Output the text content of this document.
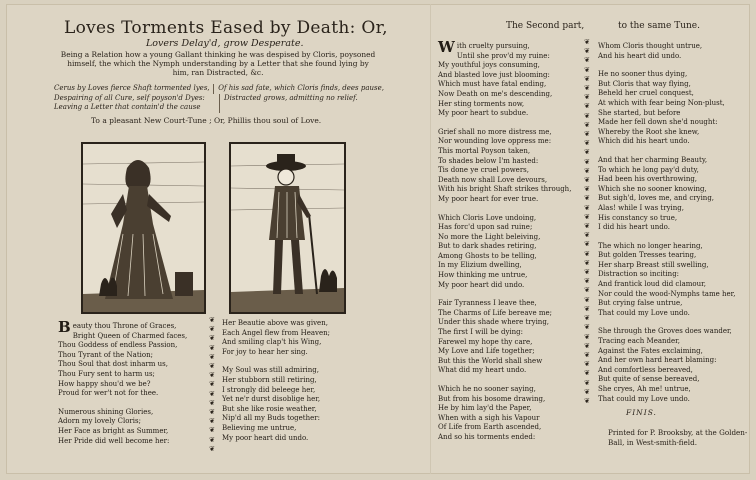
Loves Torments Eased by Death: Or,
Lovers Delay'd, grow Desperate.
Being a Relation how a young Gallant thinking he was despised by Cloris, poysoned himself, the which the Nymph understanding by a Letter that she found lying by him, ran Distracted, &c.
Cerus by Loves fierce Shaft tormented lyes,	Of his sad fate, which Cloris finds, dees pause,
Despairing of all Cure, self poyson'd Dyes:	Distracted grows, admitting no relief.
Leaving a Letter that contain'd the cause
To a pleasant New Court-Tune ; Or, Phillis thou soul of Love.
Beauty thou Throne of Graces,
Bright Queen of Charmed faces,
Thou Goddess of endless Passion,
Thou Tyrant of the Nation;
Thou Soul that dost inharm us,
Thou Fury sent to harm us;
How happy shou'd we be?
Proud for wer't not for thee.
Numerous shining Glories,
Adorn my lovely Cloris;
Her Face as bright as Summer,
Her Pride did well become her:
❦
❦
❦
❦
❦
❦
❦
❦
❦
❦
❦
❦
❦
❦
❦
Her Beautie above was given,
Each Angel flew from Heaven;
And smiling clap't his Wing,
For joy to hear her sing.
My Soul was still admiring,
Her stubborn still retiring,
I strongly did beleege her,
Yet ne'r durst disoblige her,
But she like rosie weather,
Nip'd all my Buds together:
Believing me untrue,
My poor heart did undo.
The Second part,	to the same Tune.
With cruelty pursuing,
Until she prov'd my ruine:
My youthful joys consuming,
And blasted love just blooming:
Which must have fatal ending,
Now Death on me's descending,
Her sting torments now,
My poor heart to subdue.
Grief shall no more distress me,
Nor wounding love oppress me:
This mortal Poyson taken,
To shades below I'm hasted:
Tis done ye cruel powers,
Death now shall Love devours,
With his bright Shaft strikes through,
My poor heart for ever true.
Which Cloris Love undoing,
Has forc'd upon sad ruine;
No more the Light beleiving,
But to dark shades retiring,
Among Ghosts to be telling,
In my Elizium dwelling,
How thinking me untrue,
My poor heart did undo.
Fair Tyranness I leave thee,
The Charms of Life bereave me;
Under this shade where trying,
The first I will be dying:
Farewel my hope thy care,
My Love and Life together;
But this the World shall shew
What did my heart undo.
Which he no sooner saying,
But from his bosome drawing,
He by him lay'd the Paper,
When with a sigh his Vapour
Of Life from Earth ascended,
And so his torments ended:
❦
❦
❦
❦
❦
❦
❦
❦
❦
❦
❦
❦
❦
❦
❦
❦
❦
❦
❦
❦
❦
❦
❦
❦
❦
❦
❦
❦
❦
❦
❦
❦
❦
❦
❦
❦
❦
❦
❦
❦
Whom Cloris thought untrue,
And his heart did undo.
He no sooner thus dying,
But Cloris that way flying,
Beheld her cruel conquest,
At which with fear being Non-plust,
She started, but before
Made her fell down she'd nought:
Whereby the Root she knew,
Which did his heart undo.
And that her charming Beauty,
To which he long pay'd duty,
Had been his overthrowing,
Which she no sooner knowing,
But sigh'd, loves me, and crying,
Alas! while I was trying,
His constancy so true,
I did his heart undo.
The which no longer hearing,
But golden Tresses tearing,
Her sharp Breast still swelling,
Distraction so inciting:
And frantick loud did clamour,
Nor could the wood-Nymphs tame her,
But crying false untrue,
That could my Love undo.
She through the Groves does wander,
Tracing each Meander,
Against the Fates exclaiming,
And her own hard heart blaming:
And comfortless bereaved,
But quite of sense bereaved,
She cryes, Ah me! untrue,
That could my Love undo.
FINIS.
Printed for P. Brooksby, at the Golden-Ball, in West-smith-field.
